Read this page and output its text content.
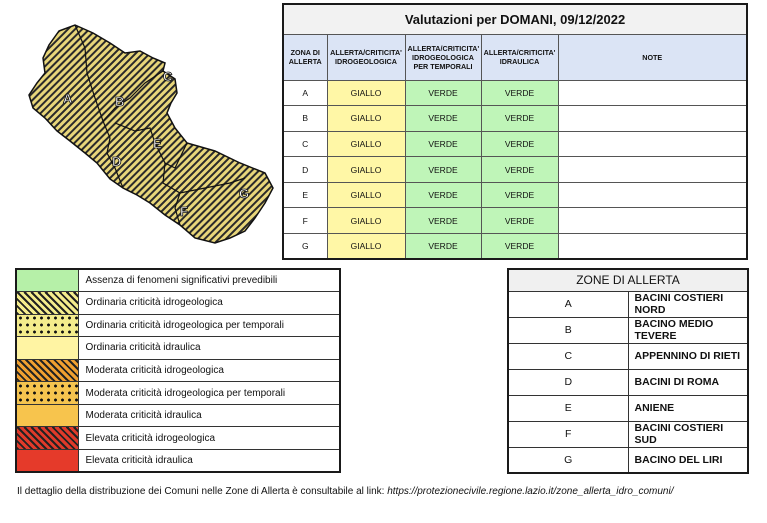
A	B
C
D
E
F
G
Valutazioni per DOMANI, 09/12/2022				
ZONA DI ALLERTA	ALLERTA/CRITICITA' IDROGEOLOGICA	ALLERTA/CRITICITA' IDROGEOLOGICA PER TEMPORALI	ALLERTA/CRITICITA' IDRAULICA	NOTE
A	GIALLO	VERDE	VERDE	
B	GIALLO	VERDE	VERDE	
C	GIALLO	VERDE	VERDE	
D	GIALLO	VERDE	VERDE	
E	GIALLO	VERDE	VERDE	
F	GIALLO	VERDE	VERDE	
G	GIALLO	VERDE	VERDE	
	Assenza di fenomeni significativi prevedibili
	Ordinaria criticità idrogeologica
	Ordinaria criticità idrogeologica per temporali
	Ordinaria criticità idraulica
	Moderata criticità idrogeologica
	Moderata criticità idrogeologica per temporali
	Moderata criticità idraulica
	Elevata criticità idrogeologica
	Elevata criticità idraulica
ZONE DI ALLERTA	
A	BACINI COSTIERI NORD
B	BACINO MEDIO TEVERE
C	APPENNINO DI RIETI
D	BACINI DI ROMA
E	ANIENE
F	BACINI COSTIERI SUD
G	BACINO DEL LIRI
Il dettaglio della distribuzione dei Comuni nelle Zone di Allerta è consultabile al link: https://protezionecivile.regione.lazio.it/zone_allerta_idro_comuni/
